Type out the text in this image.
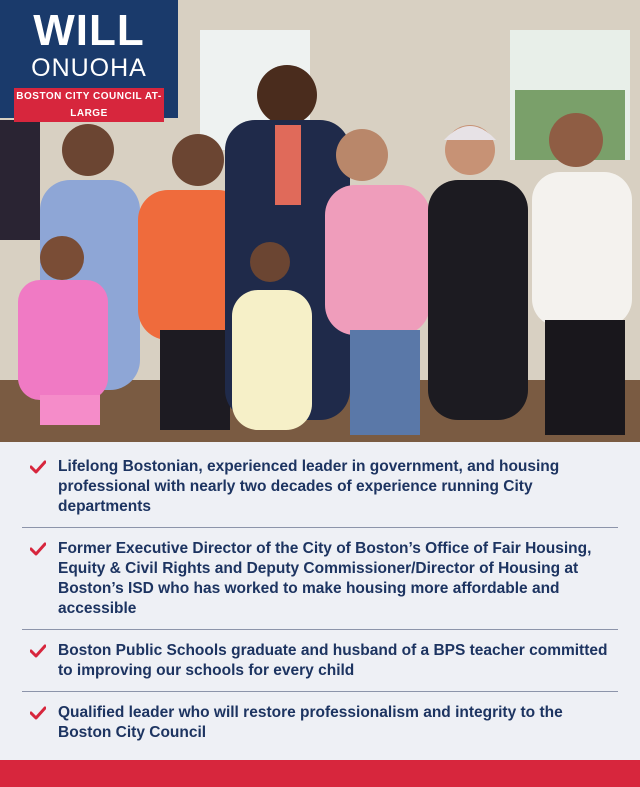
WILL
ONUOHA
BOSTON CITY COUNCIL AT-LARGE
Lifelong Bostonian, experienced leader in government, and housing professional with nearly two decades of experience running City departments
Former Executive Director of the City of Boston’s Office of Fair Housing, Equity & Civil Rights and Deputy Commissioner/Director of Housing at Boston’s ISD who has worked to make housing more affordable and accessible
Boston Public Schools graduate and husband of a BPS teacher committed to improving our schools for every child
Qualified leader who will restore professionalism and integrity to the Boston City Council
